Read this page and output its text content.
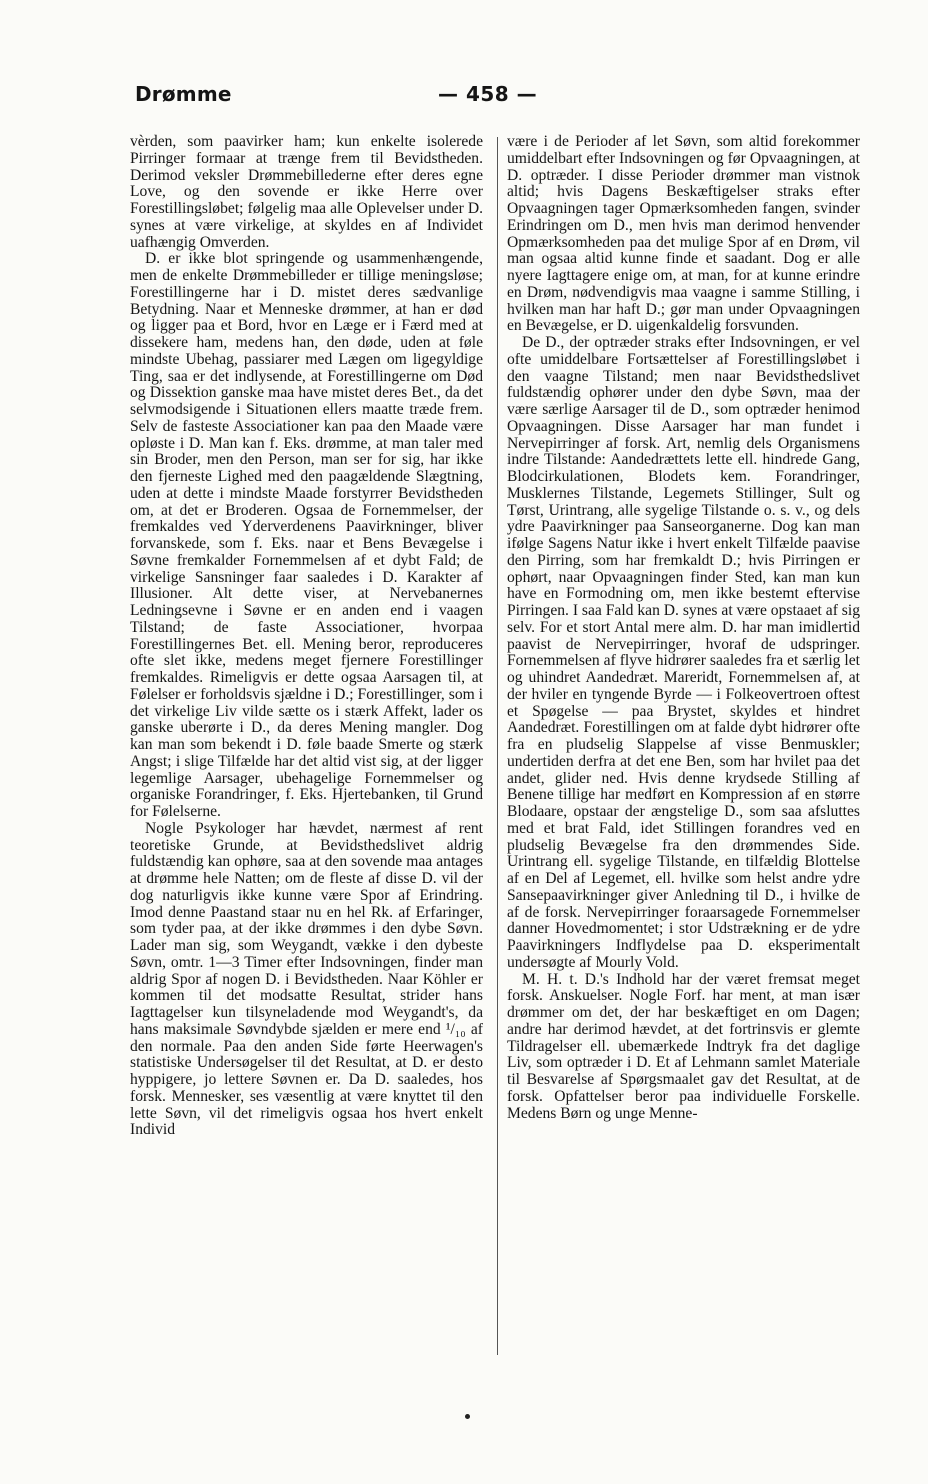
Drømme	— 458 —

vèrden, som paavirker ham; kun enkelte isolerede Pirringer formaar at trænge frem til Bevidstheden. Derimod veksler Drømmebillederne efter deres egne Love, og den sovende er ikke Herre over Forestillingsløbet; følgelig maa alle Oplevelser under D. synes at være virkelige, at skyldes en af Individet uafhængig Omverden.

D. er ikke blot springende og usammenhængende, men de enkelte Drømmebilleder er tillige meningsløse; Forestillingerne har i D. mistet deres sædvanlige Betydning. Naar et Menneske drømmer, at han er død og ligger paa et Bord, hvor en Læge er i Færd med at dissekere ham, medens han, den døde, uden at føle mindste Ubehag, passiarer med Lægen om ligegyldige Ting, saa er det indlysende, at Forestillingerne om Død og Dissektion ganske maa have mistet deres Bet., da det selvmodsigende i Situationen ellers maatte træde frem. Selv de fasteste Associationer kan paa den Maade være opløste i D. Man kan f. Eks. drømme, at man taler med sin Broder, men den Person, man ser for sig, har ikke den fjerneste Lighed med den paagældende Slægtning, uden at dette i mindste Maade forstyrrer Bevidstheden om, at det er Broderen. Ogsaa de Fornemmelser, der fremkaldes ved Yderverdenens Paavirkninger, bliver forvanskede, som f. Eks. naar et Bens Bevægelse i Søvne fremkalder Fornemmelsen af et dybt Fald; de virkelige Sansninger faar saaledes i D. Karakter af Illusioner. Alt dette viser, at Nervebanernes Ledningsevne i Søvne er en anden end i vaagen Tilstand; de faste Associationer, hvorpaa Forestillingernes Bet. ell. Mening beror, reproduceres ofte slet ikke, medens meget fjernere Forestillinger fremkaldes. Rimeligvis er dette ogsaa Aarsagen til, at Følelser er forholdsvis sjældne i D.; Forestillinger, som i det virkelige Liv vilde sætte os i stærk Affekt, lader os ganske uberørte i D., da deres Mening mangler. Dog kan man som bekendt i D. føle baade Smerte og stærk Angst; i slige Tilfælde har det altid vist sig, at der ligger legemlige Aarsager, ubehagelige Fornemmelser og organiske Forandringer, f. Eks. Hjertebanken, til Grund for Følelserne.

Nogle Psykologer har hævdet, nærmest af rent teoretiske Grunde, at Bevidsthedslivet aldrig fuldstændig kan ophøre, saa at den sovende maa antages at drømme hele Natten; om de fleste af disse D. vil der dog naturligvis ikke kunne være Spor af Erindring. Imod denne Paastand staar nu en hel Rk. af Erfaringer, som tyder paa, at der ikke drømmes i den dybe Søvn. Lader man sig, som Weygandt, vække i den dybeste Søvn, omtr. 1—3 Timer efter Indsovningen, finder man aldrig Spor af nogen D. i Bevidstheden. Naar Köhler er kommen til det modsatte Resultat, strider hans Iagttagelser kun tilsyneladende mod Weygandt's, da hans maksimale Søvndybde sjælden er mere end ¹/₁₀ af den normale. Paa den anden Side førte Heerwagen's statistiske Undersøgelser til det Resultat, at D. er desto hyppigere, jo lettere Søvnen er. Da D. saaledes, hos forsk. Mennesker, ses væsentlig at være knyttet til den lette Søvn, vil det rimeligvis ogsaa hos hvert enkelt Individ

være i de Perioder af let Søvn, som altid forekommer umiddelbart efter Indsovningen og før Opvaagningen, at D. optræder. I disse Perioder drømmer man vistnok altid; hvis Dagens Beskæftigelser straks efter Opvaagningen tager Opmærksomheden fangen, svinder Erindringen om D., men hvis man derimod henvender Opmærksomheden paa det mulige Spor af en Drøm, vil man ogsaa altid kunne finde et saadant. Dog er alle nyere Iagttagere enige om, at man, for at kunne erindre en Drøm, nødvendigvis maa vaagne i samme Stilling, i hvilken man har haft D.; gør man under Opvaagningen en Bevægelse, er D. uigenkaldelig forsvunden.

De D., der optræder straks efter Indsovningen, er vel ofte umiddelbare Fortsættelser af Forestillingsløbet i den vaagne Tilstand; men naar Bevidsthedslivet fuldstændig ophører under den dybe Søvn, maa der være særlige Aarsager til de D., som optræder henimod Opvaagningen. Disse Aarsager har man fundet i Nervepirringer af forsk. Art, nemlig dels Organismens indre Tilstande: Aandedrættets lette ell. hindrede Gang, Blodcirkulationen, Blodets kem. Forandringer, Musklernes Tilstande, Legemets Stillinger, Sult og Tørst, Urintrang, alle sygelige Tilstande o. s. v., og dels ydre Paavirkninger paa Sanseorganerne. Dog kan man ifølge Sagens Natur ikke i hvert enkelt Tilfælde paavise den Pirring, som har fremkaldt D.; hvis Pirringen er ophørt, naar Opvaagningen finder Sted, kan man kun have en Formodning om, men ikke bestemt eftervise Pirringen. I saa Fald kan D. synes at være opstaaet af sig selv. For et stort Antal mere alm. D. har man imidlertid paavist de Nervepirringer, hvoraf de udspringer. Fornemmelsen af flyve hidrører saaledes fra et særlig let og uhindret Aandedræt. Mareridt, Fornemmelsen af, at der hviler en tyngende Byrde — i Folkeovertroen oftest et Spøgelse — paa Brystet, skyldes et hindret Aandedræt. Forestillingen om at falde dybt hidrører ofte fra en pludselig Slappelse af visse Benmuskler; undertiden derfra at det ene Ben, som har hvilet paa det andet, glider ned. Hvis denne krydsede Stilling af Benene tillige har medført en Kompression af en større Blodaare, opstaar der ængstelige D., som saa afsluttes med et brat Fald, idet Stillingen forandres ved en pludselig Bevægelse fra den drømmendes Side. Urintrang ell. sygelige Tilstande, en tilfældig Blottelse af en Del af Legemet, ell. hvilke som helst andre ydre Sansepaavirkninger giver Anledning til D., i hvilke de af de forsk. Nervepirringer foraarsagede Fornemmelser danner Hovedmomentet; i stor Udstrækning er de ydre Paavirkningers Indflydelse paa D. eksperimentalt undersøgte af Mourly Vold.

M. H. t. D.'s Indhold har der været fremsat meget forsk. Anskuelser. Nogle Forf. har ment, at man især drømmer om det, der har beskæftiget en om Dagen; andre har derimod hævdet, at det fortrinsvis er glemte Tildragelser ell. ubemærkede Indtryk fra det daglige Liv, som optræder i D. Et af Lehmann samlet Materiale til Besvarelse af Spørgsmaalet gav det Resultat, at de forsk. Opfattelser beror paa individuelle Forskelle. Medens Børn og unge Menne-
